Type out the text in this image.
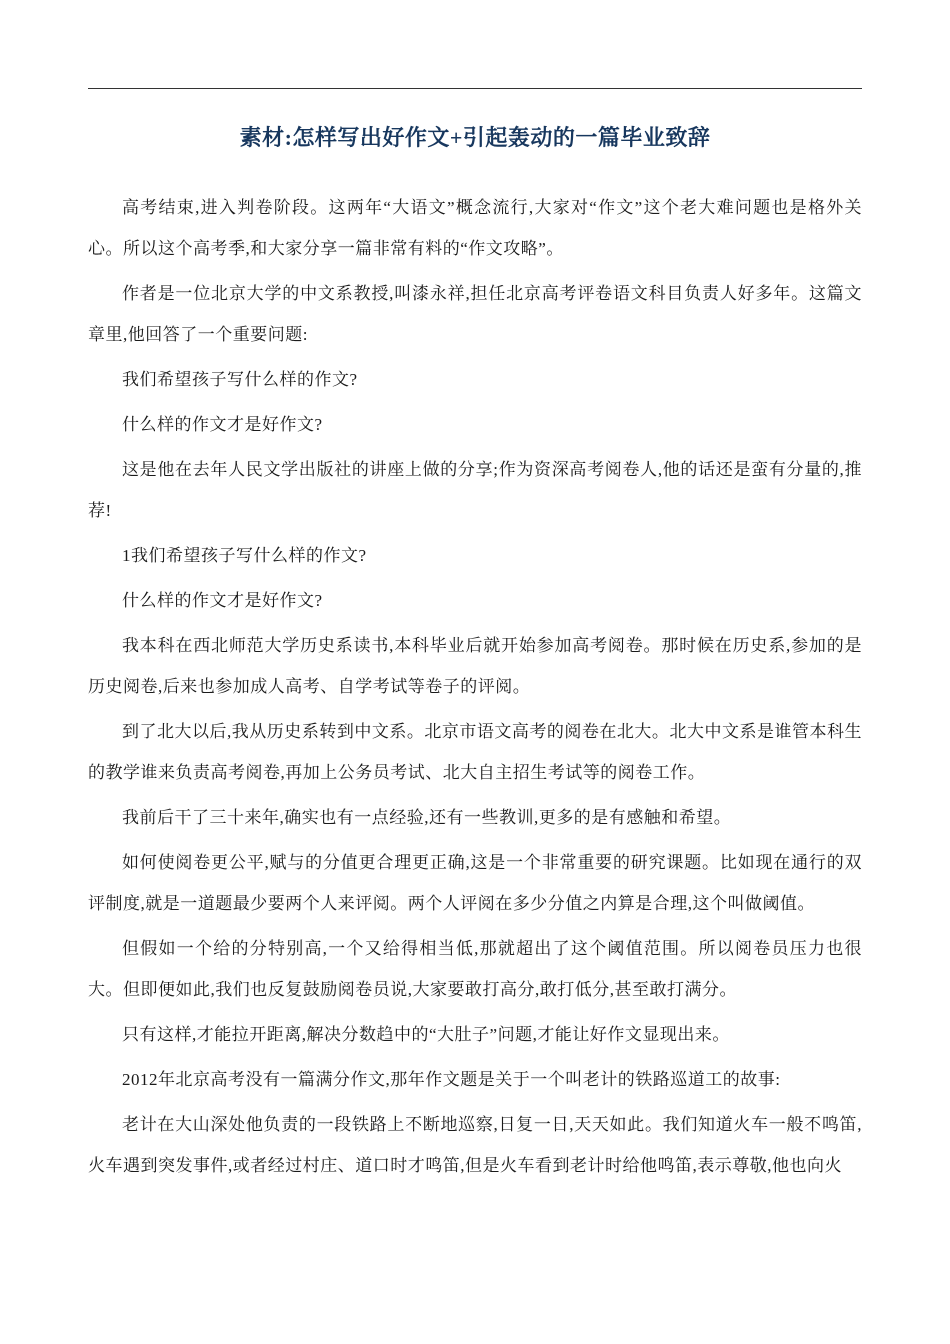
素材:怎样写出好作文+引起轰动的一篇毕业致辞

高考结束,进入判卷阶段。这两年“大语文”概念流行,大家对“作文”这个老大难问题也是格外关心。所以这个高考季,和大家分享一篇非常有料的“作文攻略”。

作者是一位北京大学的中文系教授,叫漆永祥,担任北京高考评卷语文科目负责人好多年。这篇文章里,他回答了一个重要问题:

我们希望孩子写什么样的作文?

什么样的作文才是好作文?

这是他在去年人民文学出版社的讲座上做的分享;作为资深高考阅卷人,他的话还是蛮有分量的,推荐!

1我们希望孩子写什么样的作文?

什么样的作文才是好作文?

我本科在西北师范大学历史系读书,本科毕业后就开始参加高考阅卷。那时候在历史系,参加的是历史阅卷,后来也参加成人高考、自学考试等卷子的评阅。

到了北大以后,我从历史系转到中文系。北京市语文高考的阅卷在北大。北大中文系是谁管本科生的教学谁来负责高考阅卷,再加上公务员考试、北大自主招生考试等的阅卷工作。

我前后干了三十来年,确实也有一点经验,还有一些教训,更多的是有感触和希望。

如何使阅卷更公平,赋与的分值更合理更正确,这是一个非常重要的研究课题。比如现在通行的双评制度,就是一道题最少要两个人来评阅。两个人评阅在多少分值之内算是合理,这个叫做阈值。

但假如一个给的分特别高,一个又给得相当低,那就超出了这个阈值范围。所以阅卷员压力也很大。但即便如此,我们也反复鼓励阅卷员说,大家要敢打高分,敢打低分,甚至敢打满分。

只有这样,才能拉开距离,解决分数趋中的“大肚子”问题,才能让好作文显现出来。

2012年北京高考没有一篇满分作文,那年作文题是关于一个叫老计的铁路巡道工的故事:

老计在大山深处他负责的一段铁路上不断地巡察,日复一日,天天如此。我们知道火车一般不鸣笛,火车遇到突发事件,或者经过村庄、道口时才鸣笛,但是火车看到老计时给他鸣笛,表示尊敬,他也向火
